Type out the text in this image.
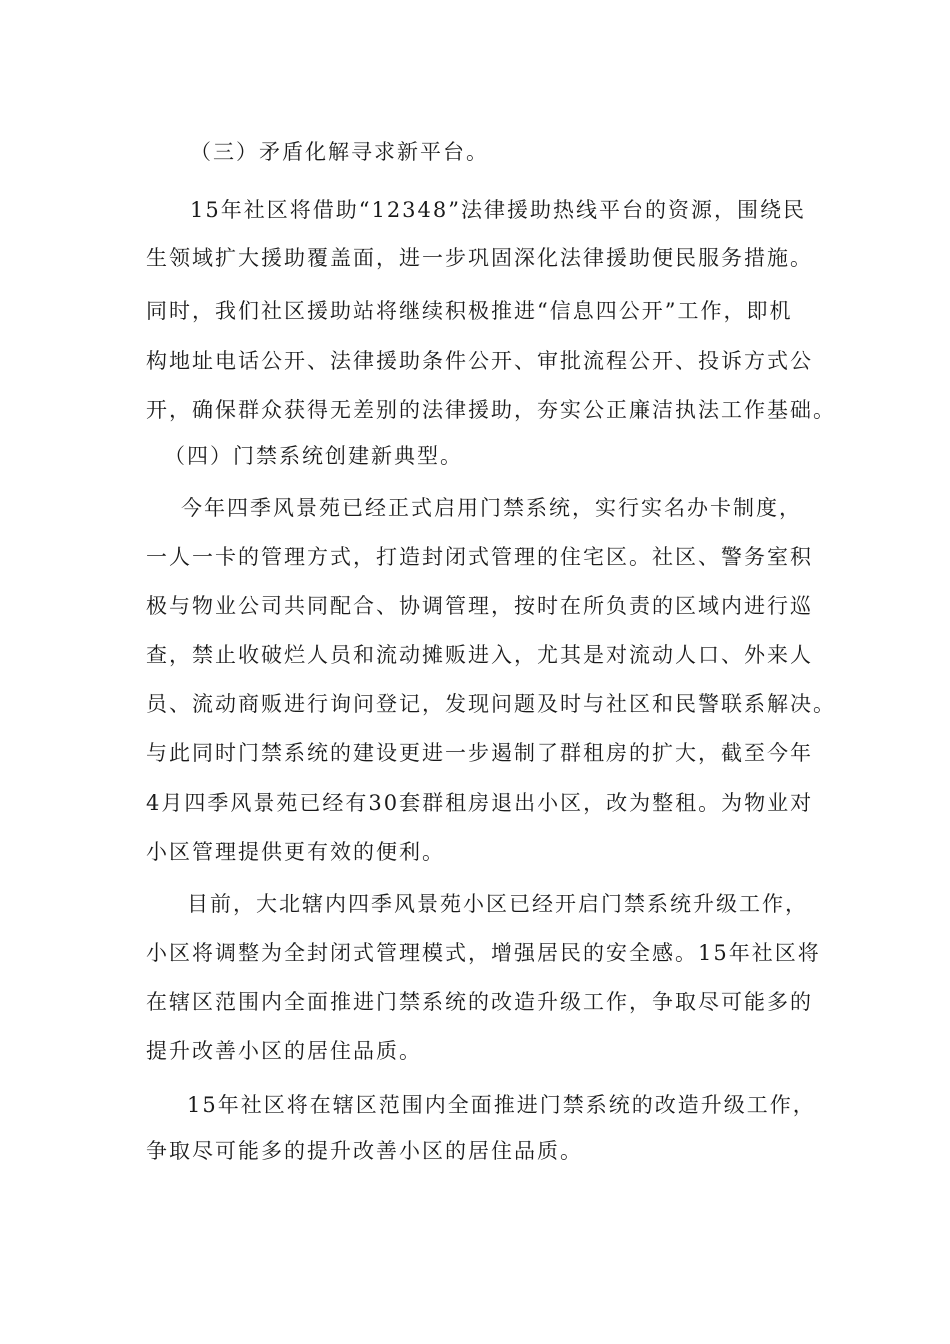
（三）矛盾化解寻求新平台。
15年社区将借助“12348”法律援助热线平台的资源，围绕民
生领域扩大援助覆盖面，进一步巩固深化法律援助便民服务措施。
同时，我们社区援助站将继续积极推进“信息四公开”工作，即机
构地址电话公开、法律援助条件公开、审批流程公开、投诉方式公
开，确保群众获得无差别的法律援助，夯实公正廉洁执法工作基础。
（四）门禁系统创建新典型。
今年四季风景苑已经正式启用门禁系统，实行实名办卡制度，
一人一卡的管理方式，打造封闭式管理的住宅区。社区、警务室积
极与物业公司共同配合、协调管理，按时在所负责的区域内进行巡
查，禁止收破烂人员和流动摊贩进入，尤其是对流动人口、外来人
员、流动商贩进行询问登记，发现问题及时与社区和民警联系解决。
与此同时门禁系统的建设更进一步遏制了群租房的扩大，截至今年
4月四季风景苑已经有30套群租房退出小区，改为整租。为物业对
小区管理提供更有效的便利。
目前，大北辖内四季风景苑小区已经开启门禁系统升级工作，
小区将调整为全封闭式管理模式，增强居民的安全感。15年社区将
在辖区范围内全面推进门禁系统的改造升级工作，争取尽可能多的
提升改善小区的居住品质。
15年社区将在辖区范围内全面推进门禁系统的改造升级工作，
争取尽可能多的提升改善小区的居住品质。
